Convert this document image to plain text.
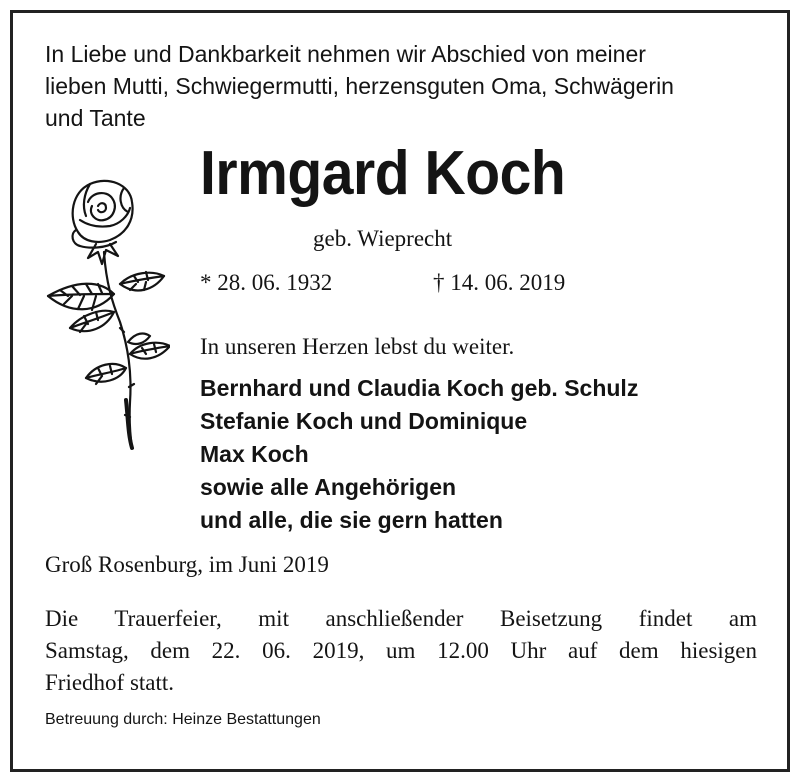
In Liebe und Dankbarkeit nehmen wir Abschied von meiner
lieben Mutti, Schwiegermutti, herzensguten Oma, Schwägerin
und Tante
Irmgard Koch
geb. Wieprecht
* 28. 06. 1932	† 14. 06. 2019
In unseren Herzen lebst du weiter.
Bernhard und Claudia Koch geb. Schulz
Stefanie Koch und Dominique
Max Koch
sowie alle Angehörigen
und alle, die sie gern hatten
Groß Rosenburg, im Juni 2019
Die Trauerfeier, mit anschließender Beisetzung findet am
Samstag, dem 22. 06. 2019, um 12.00 Uhr auf dem hiesigen
Friedhof statt.
Betreuung durch: Heinze Bestattungen
